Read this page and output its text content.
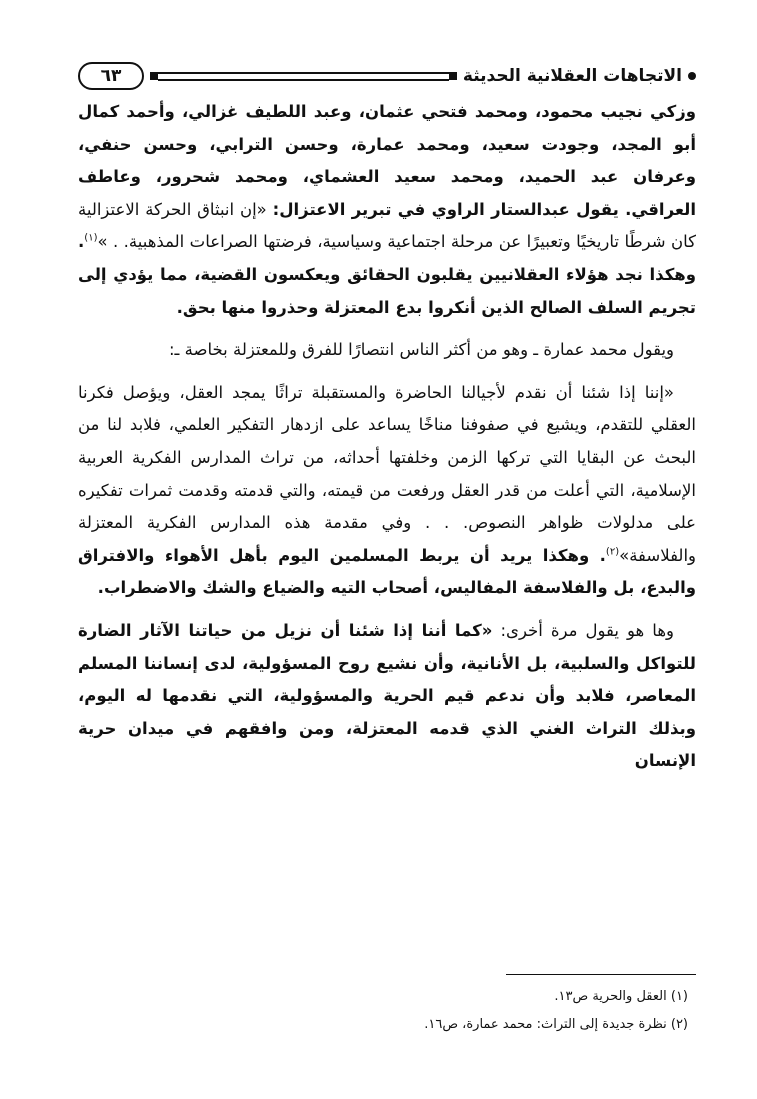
الاتجاهات العقلانية الحديثة
٦٣

وزكي نجيب محمود، ومحمد فتحي عثمان، وعبد اللطيف غزالي، وأحمد كمال أبو المجد، وجودت سعيد، ومحمد عمارة، وحسن الترابي، وحسن حنفي، وعرفان عبد الحميد، ومحمد سعيد العشماي، ومحمد شحرور، وعاطف العراقي. يقول عبدالستار الراوي في تبرير الاعتزال: «إن انبثاق الحركة الاعتزالية كان شرطًا تاريخيًا وتعبيرًا عن مرحلة اجتماعية وسياسية، فرضتها الصراعات المذهبية. . »$^{(١)}$. وهكذا نجد هؤلاء العقلانيين يقلبون الحقائق ويعكسون القضية، مما يؤدي إلى تجريم السلف الصالح الذين أنكروا بدع المعتزلة وحذروا منها بحق.

ويقول محمد عمارة ـ وهو من أكثر الناس انتصارًا للفرق وللمعتزلة بخاصة ـ:

«إننا إذا شئنا أن نقدم لأجيالنا الحاضرة والمستقبلة تراثًا يمجد العقل، ويؤصل فكرنا العقلي للتقدم، ويشيع في صفوفنا مناخًا يساعد على ازدهار التفكير العلمي، فلابد لنا من البحث عن البقايا التي تركها الزمن وخلفتها أحداثه، من تراث المدارس الفكرية العربية الإسلامية، التي أعلت من قدر العقل ورفعت من قيمته، والتي قدمته وقدمت ثمرات تفكيره على مدلولات ظواهر النصوص. . . وفي مقدمة هذه المدارس الفكرية المعتزلة والفلاسفة»$^{(٢)}$. وهكذا يريد أن يربط المسلمين اليوم بأهل الأهواء والافتراق والبدع، بل والفلاسفة المفاليس، أصحاب التيه والضياع والشك والاضطراب.

وها هو يقول مرة أخرى: «كما أننا إذا شئنا أن نزيل من حياتنا الآثار الضارة للتواكل والسلبية، بل الأنانية، وأن نشيع روح المسؤولية، لدى إنساننا المسلم المعاصر، فلابد وأن ندعم قيم الحرية والمسؤولية، التي نقدمها له اليوم، وبذلك التراث الغني الذي قدمه المعتزلة، ومن وافقهم في ميدان حرية الإنسان

(١) العقل والحرية ص١٣.

(٢) نظرة جديدة إلى التراث: محمد عمارة، ص١٦.
